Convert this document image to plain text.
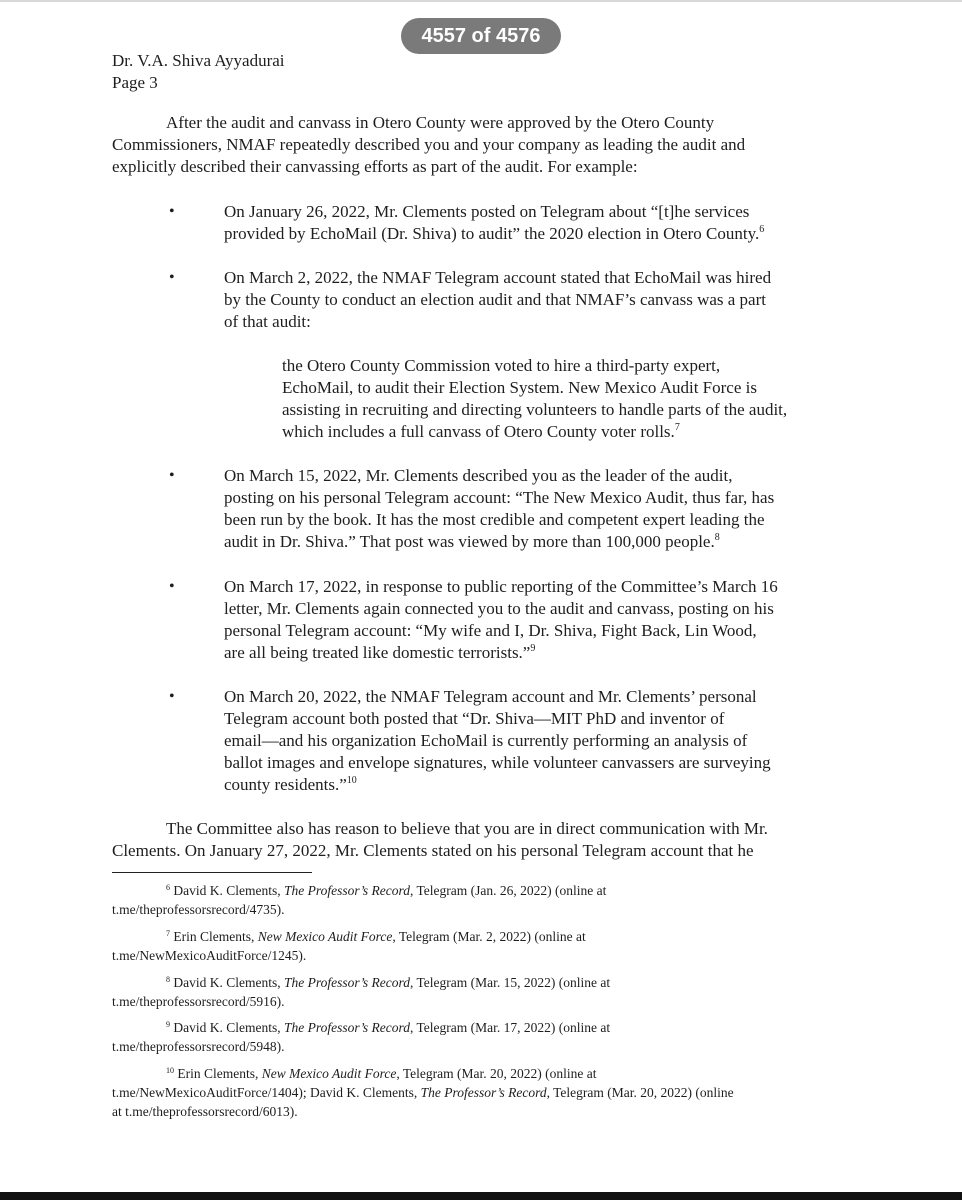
Dr. V.A. Shiva Ayyadurai
Page 3
After the audit and canvass in Otero County were approved by the Otero County
Commissioners, NMAF repeatedly described you and your company as leading the audit and
explicitly described their canvassing efforts as part of the audit. For example:
•	On January 26, 2022, Mr. Clements posted on Telegram about “[t]he services
provided by EchoMail (Dr. Shiva) to audit” the 2020 election in Otero County.$^6$
•	On March 2, 2022, the NMAF Telegram account stated that EchoMail was hired
by the County to conduct an election audit and that NMAF’s canvass was a part
of that audit:
the Otero County Commission voted to hire a third-party expert,
EchoMail, to audit their Election System. New Mexico Audit Force is
assisting in recruiting and directing volunteers to handle parts of the audit,
which includes a full canvass of Otero County voter rolls.$^7$
•	On March 15, 2022, Mr. Clements described you as the leader of the audit,
posting on his personal Telegram account: “The New Mexico Audit, thus far, has
been run by the book. It has the most credible and competent expert leading the
audit in Dr. Shiva.” That post was viewed by more than 100,000 people.$^8$
•	On March 17, 2022, in response to public reporting of the Committee’s March 16
letter, Mr. Clements again connected you to the audit and canvass, posting on his
personal Telegram account: “My wife and I, Dr. Shiva, Fight Back, Lin Wood,
are all being treated like domestic terrorists.”$^9$
•	On March 20, 2022, the NMAF Telegram account and Mr. Clements’ personal
Telegram account both posted that “Dr. Shiva—MIT PhD and inventor of
email—and his organization EchoMail is currently performing an analysis of
ballot images and envelope signatures, while volunteer canvassers are surveying
county residents.”$^{10}$
The Committee also has reason to believe that you are in direct communication with Mr.
Clements. On January 27, 2022, Mr. Clements stated on his personal Telegram account that he
$^6$ David K. Clements, The Professor’s Record, Telegram (Jan. 26, 2022) (online at
t.me/theprofessorsrecord/4735).
$^7$ Erin Clements, New Mexico Audit Force, Telegram (Mar. 2, 2022) (online at
t.me/NewMexicoAuditForce/1245).
$^8$ David K. Clements, The Professor’s Record, Telegram (Mar. 15, 2022) (online at
t.me/theprofessorsrecord/5916).
$^9$ David K. Clements, The Professor’s Record, Telegram (Mar. 17, 2022) (online at
t.me/theprofessorsrecord/5948).
$^{10}$ Erin Clements, New Mexico Audit Force, Telegram (Mar. 20, 2022) (online at
t.me/NewMexicoAuditForce/1404); David K. Clements, The Professor’s Record, Telegram (Mar. 20, 2022) (online
at t.me/theprofessorsrecord/6013).
4557 of 4576
